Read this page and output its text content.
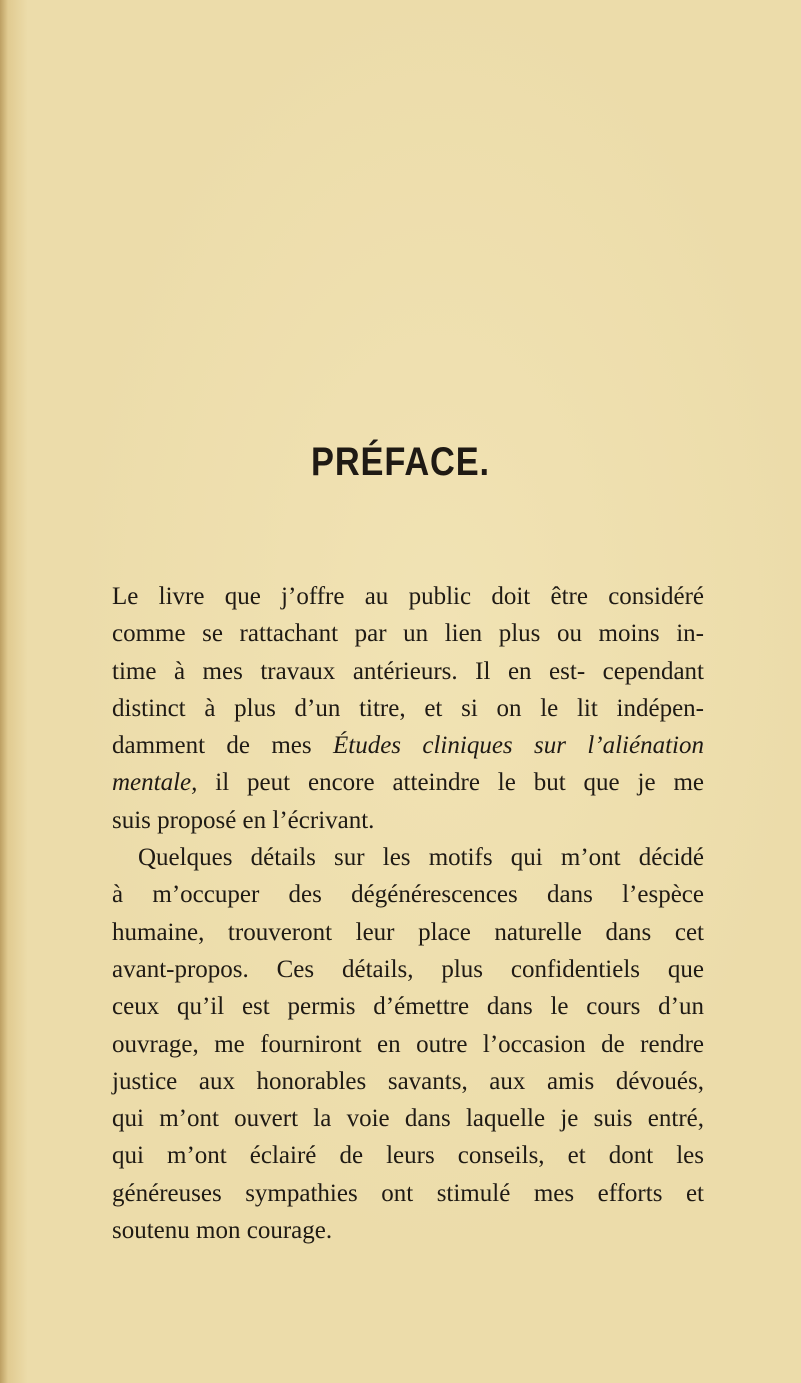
PRÉFACE.
Le livre que j’offre au public doit être considéré
comme se rattachant par un lien plus ou moins in-
time à mes travaux antérieurs. Il en est- cependant
distinct à plus d’un titre, et si on le lit indépen-
damment de mes Études cliniques sur l’aliénation
mentale, il peut encore atteindre le but que je me
suis proposé en l’écrivant.
Quelques détails sur les motifs qui m’ont décidé
à m’occuper des dégénérescences dans l’espèce
humaine, trouveront leur place naturelle dans cet
avant-propos. Ces détails, plus confidentiels que
ceux qu’il est permis d’émettre dans le cours d’un
ouvrage, me fourniront en outre l’occasion de rendre
justice aux honorables savants, aux amis dévoués,
qui m’ont ouvert la voie dans laquelle je suis entré,
qui m’ont éclairé de leurs conseils, et dont les
généreuses sympathies ont stimulé mes efforts et
soutenu mon courage.
